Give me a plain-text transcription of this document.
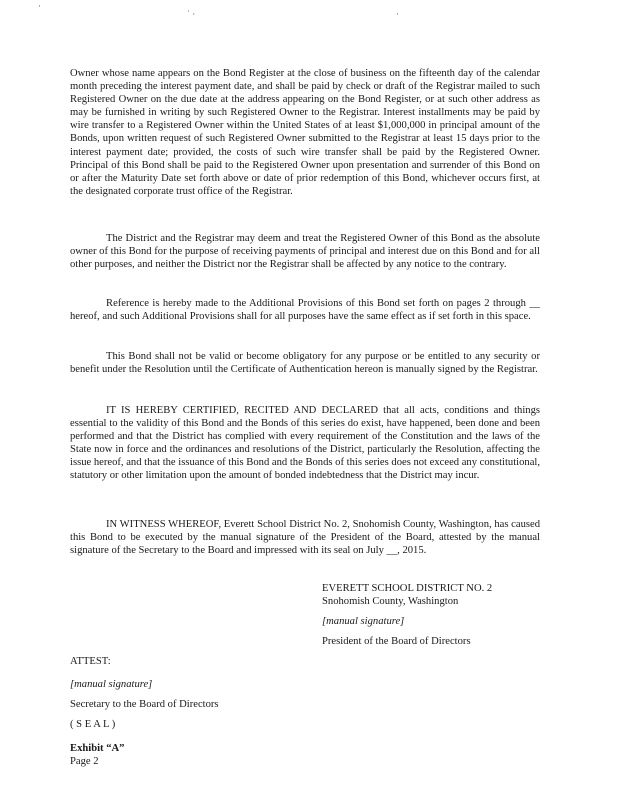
·
˙ ·	·

Owner whose name appears on the Bond Register at the close of business on the fifteenth day of the calendar month preceding the interest payment date, and shall be paid by check or draft of the Registrar mailed to such Registered Owner on the due date at the address appearing on the Bond Register, or at such other address as may be furnished in writing by such Registered Owner to the Registrar. Interest installments may be paid by wire transfer to a Registered Owner within the United States of at least $1,000,000 in principal amount of the Bonds, upon written request of such Registered Owner submitted to the Registrar at least 15 days prior to the interest payment date; provided, the costs of such wire transfer shall be paid by the Registered Owner. Principal of this Bond shall be paid to the Registered Owner upon presentation and surrender of this Bond on or after the Maturity Date set forth above or date of prior redemption of this Bond, whichever occurs first, at the designated corporate trust office of the Registrar.

The District and the Registrar may deem and treat the Registered Owner of this Bond as the absolute owner of this Bond for the purpose of receiving payments of principal and interest due on this Bond and for all other purposes, and neither the District nor the Registrar shall be affected by any notice to the contrary.

Reference is hereby made to the Additional Provisions of this Bond set forth on pages 2 through __ hereof, and such Additional Provisions shall for all purposes have the same effect as if set forth in this space.

This Bond shall not be valid or become obligatory for any purpose or be entitled to any security or benefit under the Resolution until the Certificate of Authentication hereon is manually signed by the Registrar.

IT IS HEREBY CERTIFIED, RECITED AND DECLARED that all acts, conditions and things essential to the validity of this Bond and the Bonds of this series do exist, have happened, been done and been performed and that the District has complied with every requirement of the Constitution and the laws of the State now in force and the ordinances and resolutions of the District, particularly the Resolution, affecting the issue hereof, and that the issuance of this Bond and the Bonds of this series does not exceed any constitutional, statutory or other limitation upon the amount of bonded indebtedness that the District may incur.

IN WITNESS WHEREOF, Everett School District No. 2, Snohomish County, Washington, has caused this Bond to be executed by the manual signature of the President of the Board, attested by the manual signature of the Secretary to the Board and impressed with its seal on July __, 2015.

EVERETT SCHOOL DISTRICT NO. 2
Snohomish County, Washington
[manual signature]
President of the Board of Directors
ATTEST:
[manual signature]
Secretary to the Board of Directors
( S E A L )
Exhibit “A”
Page 2
